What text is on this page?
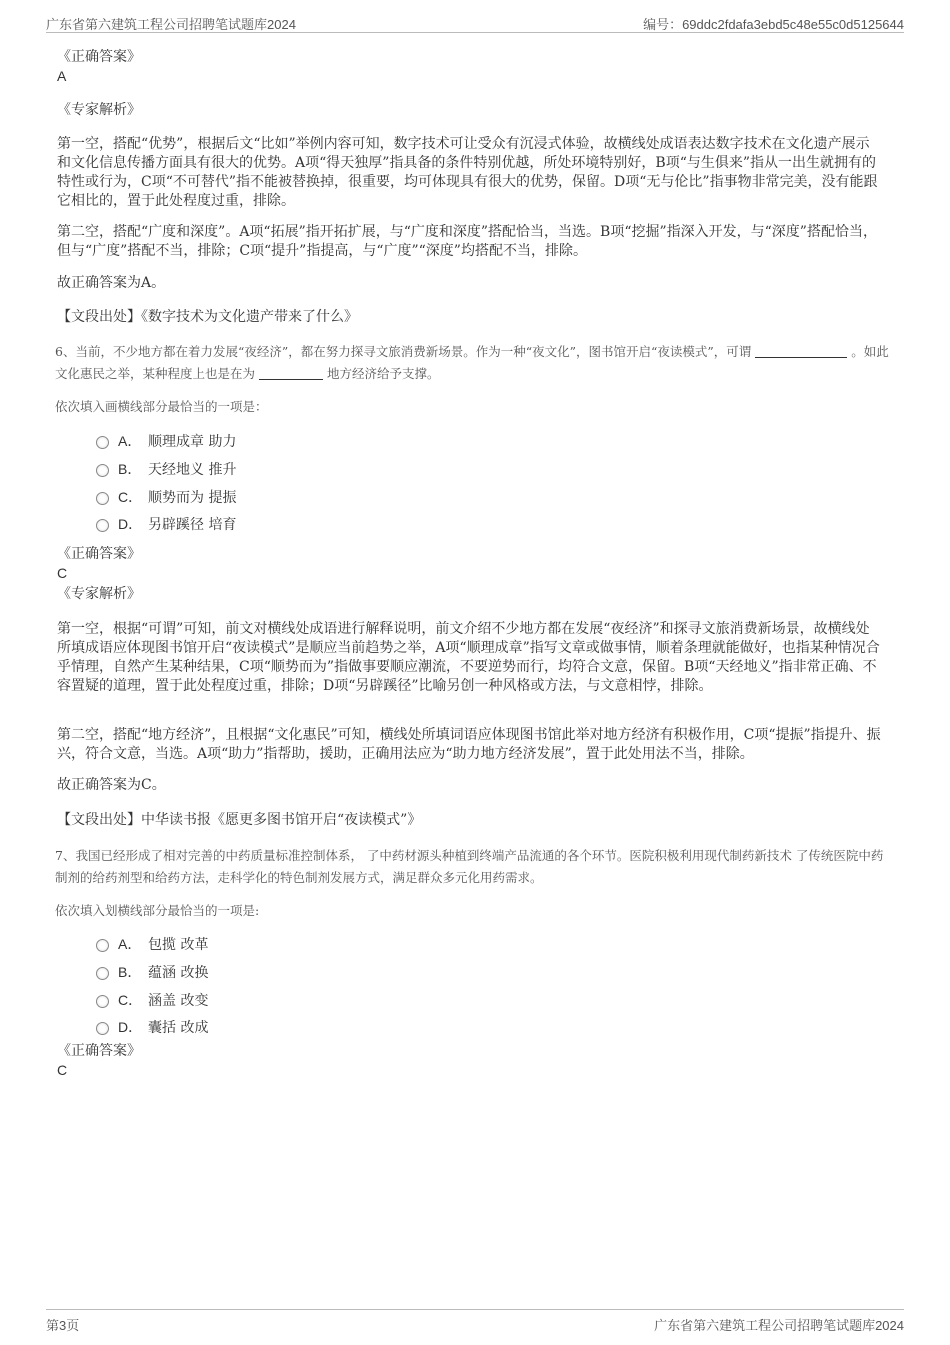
广东省第六建筑工程公司招聘笔试题库2024	编号：69ddc2fdafa3ebd5c48e55c0d5125644
《正确答案》
A
《专家解析》
第一空，搭配“优势”，根据后文“比如”举例内容可知，数字技术可让受众有沉浸式体验，故横线处成语表达数字技术在文化遗产展示和文化信息传播方面具有很大的优势。A项“得天独厚”指具备的条件特别优越，所处环境特别好，B项“与生俱来”指从一出生就拥有的特性或行为，C项“不可替代”指不能被替换掉，很重要，均可体现具有很大的优势，保留。D项“无与伦比”指事物非常完美，没有能跟它相比的，置于此处程度过重，排除。
第二空，搭配“广度和深度”。A项“拓展”指开拓扩展，与“广度和深度”搭配恰当，当选。B项“挖掘”指深入开发，与“深度”搭配恰当，但与“广度”搭配不当，排除；C项“提升”指提高，与“广度”“深度”均搭配不当，排除。
故正确答案为A。
【文段出处】《数字技术为文化遗产带来了什么》
6、当前，不少地方都在着力发展“夜经济”，都在努力探寻文旅消费新场景。作为一种“夜文化”，图书馆开启“夜读模式”，可谓	。如此文化惠民之举，某种程度上也是在为	地方经济给予支撑。
依次填入画横线部分最恰当的一项是：
A． 顺理成章 助力
B． 天经地义 推升
C． 顺势而为 提振
D． 另辟蹊径 培育
《正确答案》
C
《专家解析》
第一空，根据“可谓”可知，前文对横线处成语进行解释说明，前文介绍不少地方都在发展“夜经济”和探寻文旅消费新场景，故横线处所填成语应体现图书馆开启“夜读模式”是顺应当前趋势之举，A项“顺理成章”指写文章或做事情，顺着条理就能做好，也指某种情况合乎情理，自然产生某种结果，C项“顺势而为”指做事要顺应潮流，不要逆势而行，均符合文意，保留。B项“天经地义”指非常正确、不容置疑的道理，置于此处程度过重，排除；D项“另辟蹊径”比喻另创一种风格或方法，与文意相悖，排除。
第二空，搭配“地方经济”，且根据“文化惠民”可知，横线处所填词语应体现图书馆此举对地方经济有积极作用，C项“提振”指提升、振兴，符合文意，当选。A项“助力”指帮助，援助，正确用法应为“助力地方经济发展”，置于此处用法不当，排除。
故正确答案为C。
【文段出处】中华读书报《愿更多图书馆开启“夜读模式”》
7、我国已经形成了相对完善的中药质量标准控制体系， 了中药材源头种植到终端产品流通的各个环节。医院积极利用现代制药新技术 了传统医院中药制剂的给药剂型和给药方法，走科学化的特色制剂发展方式，满足群众多元化用药需求。
依次填入划横线部分最恰当的一项是:
A． 包揽 改革
B． 蕴涵 改换
C． 涵盖 改变
D． 囊括 改成
《正确答案》
C
第3页	广东省第六建筑工程公司招聘笔试题库2024
